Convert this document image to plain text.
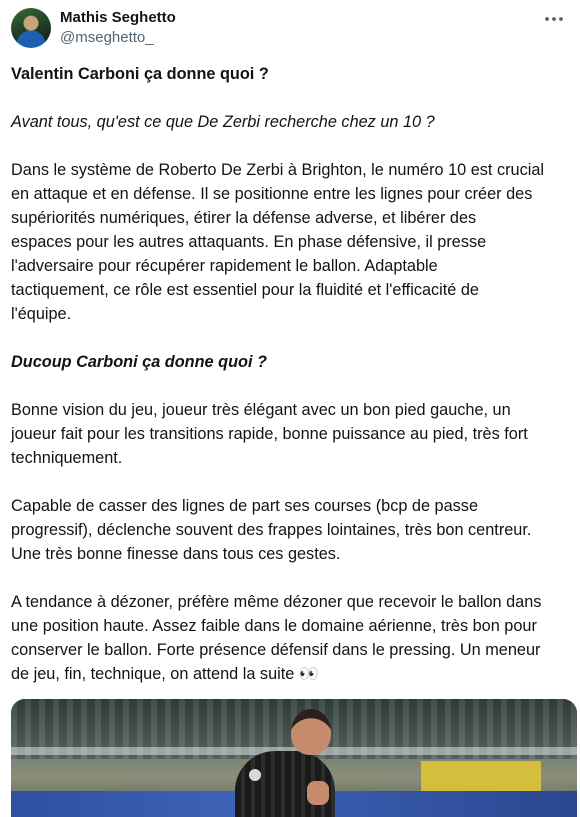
Mathis Seghetto
@mseghetto_

Valentin Carboni ça donne quoi ?

Avant tous, qu'est ce que De Zerbi recherche chez un 10 ?

Dans le système de Roberto De Zerbi à Brighton, le numéro 10 est crucial
en attaque et en défense. Il se positionne entre les lignes pour créer des
supériorités numériques, étirer la défense adverse, et libérer des
espaces pour les autres attaquants. En phase défensive, il presse
l'adversaire pour récupérer rapidement le ballon. Adaptable
tactiquement, ce rôle est essentiel pour la fluidité et l'efficacité de
l'équipe.

Ducoup Carboni ça donne quoi ?

Bonne vision du jeu, joueur très élégant avec un bon pied gauche, un
joueur fait pour les transitions rapide, bonne puissance au pied, très fort
techniquement.

Capable de casser des lignes de part ses courses (bcp de passe
progressif), déclenche souvent des frappes lointaines, très bon centreur.
Une très bonne finesse dans tous ces gestes.

A tendance à dézoner, préfère même dézoner que recevoir le ballon dans
une position haute. Assez faible dans le domaine aérienne, très bon pour
conserver le ballon. Forte présence défensif dans le pressing. Un meneur
de jeu, fin, technique, on attend la suite 👀
